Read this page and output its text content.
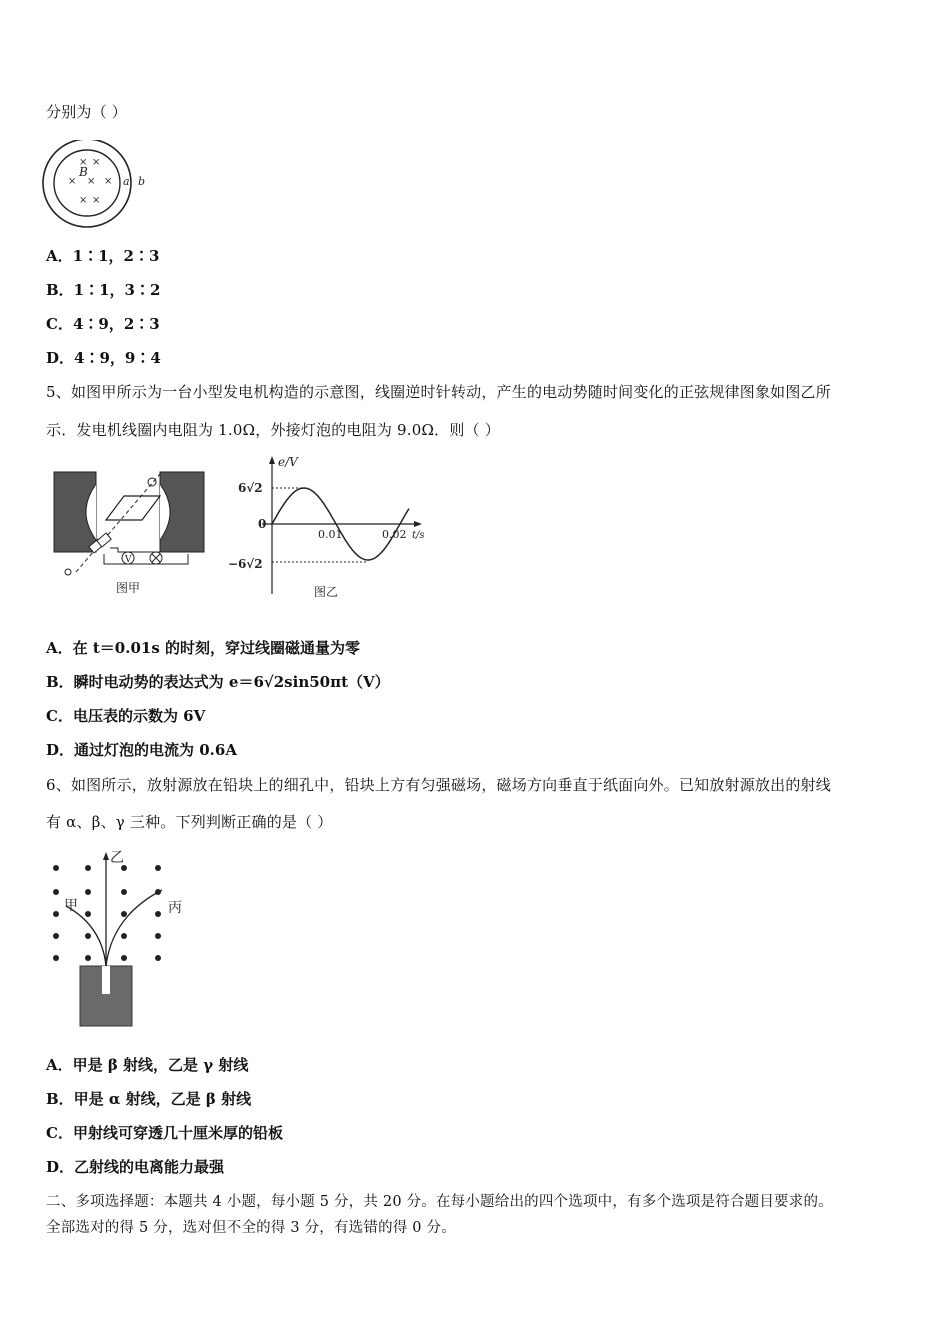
分别为（ ）
× ×
× × ×
× ×
B
a b
A．1∶1，2∶3
B．1∶1，3∶2
C．4∶9，2∶3
D．4∶9，9∶4
5、如图甲所示为一台小型发电机构造的示意图，线圈逆时针转动，产生的电动势随时间变化的正弦规律图象如图乙所
示．发电机线圈内电阻为 1.0Ω，外接灯泡的电阻为 9.0Ω．则（ ）
V
图甲
e/V
t/s
6√2
0
−6√2
0.01	0.02
图乙
A．在 t＝0.01s 的时刻，穿过线圈磁通量为零
B．瞬时电动势的表达式为 e＝6√2sin50πt（V）
C．电压表的示数为 6V
D．通过灯泡的电流为 0.6A
6、如图所示，放射源放在铅块上的细孔中，铅块上方有匀强磁场，磁场方向垂直于纸面向外。已知放射源放出的射线
有 α、β、γ 三种。下列判断正确的是（ ）
甲
乙
丙
A．甲是 β 射线，乙是 γ 射线
B．甲是 α 射线，乙是 β 射线
C．甲射线可穿透几十厘米厚的铅板
D．乙射线的电离能力最强
二、多项选择题：本题共 4 小题，每小题 5 分，共 20 分。在每小题给出的四个选项中，有多个选项是符合题目要求的。
全部选对的得 5 分，选对但不全的得 3 分，有选错的得 0 分。
